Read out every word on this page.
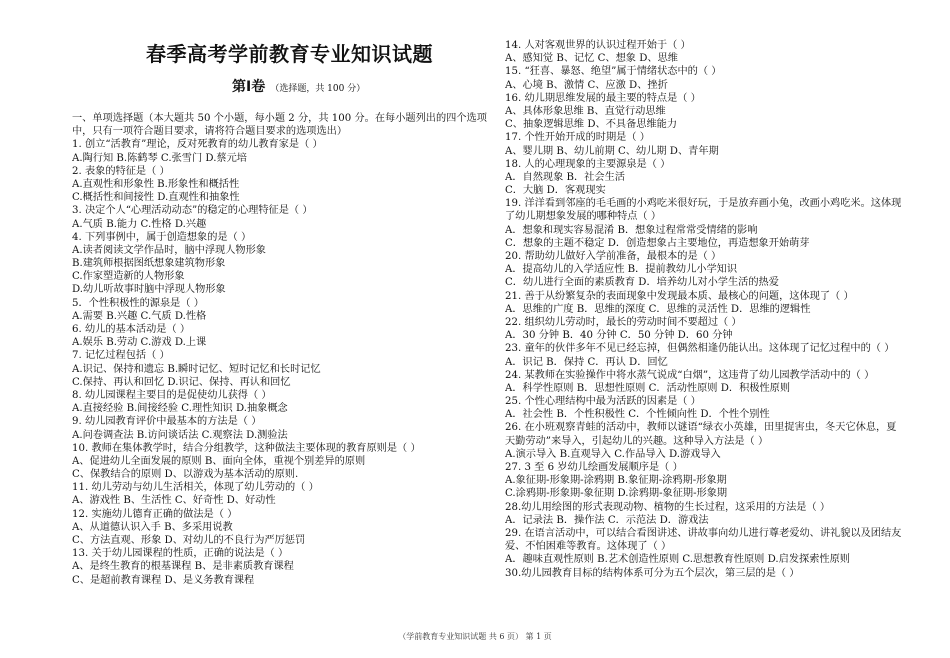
春季高考学前教育专业知识试题
第Ⅰ卷 （选择题，共 100 分）
一、单项选择题（本大题共 50 个小题，每小题 2 分，共 100 分。在每小题列出的四个选项
中，只有一项符合题目要求，请将符合题目要求的选项选出）
1. 创立“活教育”理论，反对死教育的幼儿教育家是（ ）
A.陶行知 B.陈鹤琴 C.张雪门 D.蔡元培
2. 表象的特征是（ ）
A.直观性和形象性 B.形象性和概括性
C.概括性和间接性 D.直观性和抽象性
3. 决定个人“心理活动动态”的稳定的心理特征是（ ）
A.气质 B.能力 C.性格 D.兴趣
4. 下列事例中，属于创造想象的是（ ）
A.读者阅读文学作品时，脑中浮现人物形象
B.建筑师根据图纸想象建筑物形象
C.作家塑造新的人物形象
D.幼儿听故事时脑中浮现人物形象
5．个性积极性的源泉是（ ）
A.需要 B.兴趣 C.气质 D.性格
6. 幼儿的基本活动是（ ）
A.娱乐 B.劳动 C.游戏 D.上课
7. 记忆过程包括（ ）
A.识记、保持和遗忘 B.瞬时记忆、短时记忆和长时记忆
C.保持、再认和回忆 D.识记、保持、再认和回忆
8. 幼儿园课程主要目的是促使幼儿获得（ ）
A.直接经验 B.间接经验 C.理性知识 D.抽象概念
9. 幼儿园教育评价中最基本的方法是（ ）
A.问卷调查法 B.访问谈话法 C.观察法 D.测验法
10. 教师在集体教学时，结合分组教学，这种做法主要体现的教育原则是（ ）
A、促进幼儿全面发展的原则 B、面向全体，重视个别差异的原则
C、保教结合的原则 D、以游戏为基本活动的原则.
11. 幼儿劳动与幼儿生活相关，体现了幼儿劳动的（ ）
A、游戏性 B、生活性 C、好奇性 D、好动性
12. 实施幼儿德育正确的做法是（ ）
A、从道德认识入手 B、多采用说教
C、方法直观、形象 D、对幼儿的不良行为严厉惩罚
13. 关于幼儿园课程的性质，正确的说法是（ ）
A、是终生教育的根基课程 B、是非素质教育课程
C、是超前教育课程 D、是义务教育课程
14. 人对客观世界的认识过程开始于（ ）
A、感知觉 B、记忆 C、想象 D、思维
15. “狂喜、暴怒、绝望”属于情绪状态中的（ ）
A、心境 B、激情 C、应激 D、挫折
16. 幼儿期思维发展的最主要的特点是（ ）
A、具体形象思维 B、直觉行动思维
C、抽象逻辑思维 D、不具备思维能力
17. 个性开始开成的时期是（ ）
A、婴儿期 B、幼儿前期 C、幼儿期 D、青年期
18. 人的心理现象的主要源泉是（ ）
A．自然现象 B．社会生活
C．大脑 D．客观现实
19. 洋洋看到邻座的毛毛画的小鸡吃米很好玩，于是放弃画小兔，改画小鸡吃米。这体现
了幼儿期想象发展的哪种特点（ ）
A．想象和现实容易混淆 B．想象过程常常受情绪的影响
C．想象的主题不稳定 D．创造想象占主要地位，再造想象开始萌芽
20. 帮助幼儿做好入学前准备，最根本的是（ ）
A．提高幼儿的入学适应性 B．提前教幼儿小学知识
C．幼儿进行全面的素质教育 D．培养幼儿对小学生活的热爱
21. 善于从纷繁复杂的表面现象中发现最本质、最核心的问题，这体现了（ ）
A．思维的广度 B．思维的深度 C．思维的灵活性 D．思维的逻辑性
22. 组织幼儿劳动时，最长的劳动时间不要超过（ ）
A．30 分钟 B．40 分钟 C．50 分钟 D．60 分钟
23. 童年的伙伴多年不见已经忘掉，但偶然相逢仍能认出。这体现了记忆过程中的（ ）
A．识记 B．保持 C．再认 D．回忆
24. 某教师在实验操作中将水蒸气说成“白烟”，这违背了幼儿园教学活动中的（ ）
A．科学性原则 B．思想性原则 C．活动性原则 D．积极性原则
25. 个性心理结构中最为活跃的因素是（ ）
A．社会性 B．个性积极性 C．个性倾向性 D．个性个别性
26. 在小班观察青蛙的活动中，教师以谜语“绿衣小英雄，田里捉害虫，冬天它休息，夏
天勤劳动”来导入，引起幼儿的兴趣。这种导入方法是（ ）
A.演示导入 B.直观导入 C.作品导入 D.游戏导入
27. 3 至 6 岁幼儿绘画发展顺序是（ ）
A.象征期-形象期-涂鸦期 B.象征期-涂鸦期-形象期
C.涂鸦期-形象期-象征期 D.涂鸦期-象征期-形象期
28.幼儿用绘图的形式表现动物、植物的生长过程，这采用的方法是（ ）
A．记录法 B．操作法 C．示范法 D．游戏法
29. 在语言活动中，可以结合看图讲述、讲故事向幼儿进行尊老爱幼、讲礼貌以及团结友
爱、不怕困难等教育。这体现了（ ）
A．趣味直观性原则 B.艺术创造性原则 C.思想教育性原则 D.启发探索性原则
30.幼儿园教育目标的结构体系可分为五个层次，第三层的是（ ）
（学前教育专业知识试题 共 6 页） 第 1 页
